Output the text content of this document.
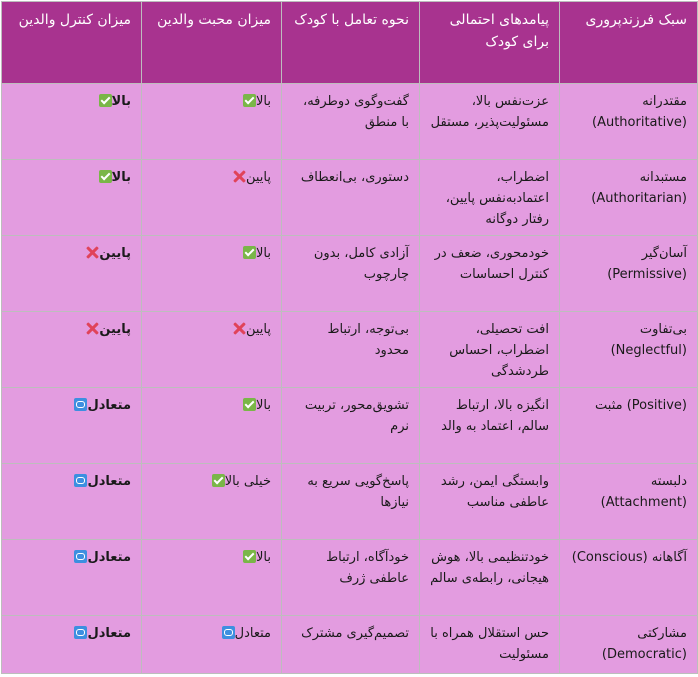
سبک فرزندپروری	پیامدهای احتمالی برای کودک	نحوه تعامل با کودک	میزان محبت والدین	میزان کنترل والدین
مقتدرانه (Authoritative)	عزت‌نفس بالا، مسئولیت‌پذیر، مستقل	گفت‌وگوی دوطرفه، با منطق	بالا	بالا
مستبدانه (Authoritarian)	اضطراب، اعتمادبه‌نفس پایین، رفتار دوگانه	دستوری، بی‌انعطاف	پایین	بالا
آسان‌گیر (Permissive)	خودمحوری، ضعف در کنترل احساسات	آزادی کامل، بدون چارچوب	بالا	پایین
بی‌تفاوت (Neglectful)	افت تحصیلی، اضطراب، احساس طردشدگی	بی‌توجه، ارتباط محدود	پایین	پایین
(Positive) مثبت	انگیزه بالا، ارتباط سالم، اعتماد به والد	تشویق‌محور، تربیت نرم	بالا	متعادل
دلبسته (Attachment)	وابستگی ایمن، رشد عاطفی مناسب	پاسخ‌گویی سریع به نیازها	خیلی بالا	متعادل
آگاهانه (Conscious)	خودتنظیمی بالا، هوش هیجانی، رابطه‌ی سالم	خودآگاه، ارتباط عاطفی ژرف	بالا	متعادل
مشارکتی (Democratic)	حس استقلال همراه با مسئولیت	تصمیم‌گیری مشترک	متعادل	متعادل
